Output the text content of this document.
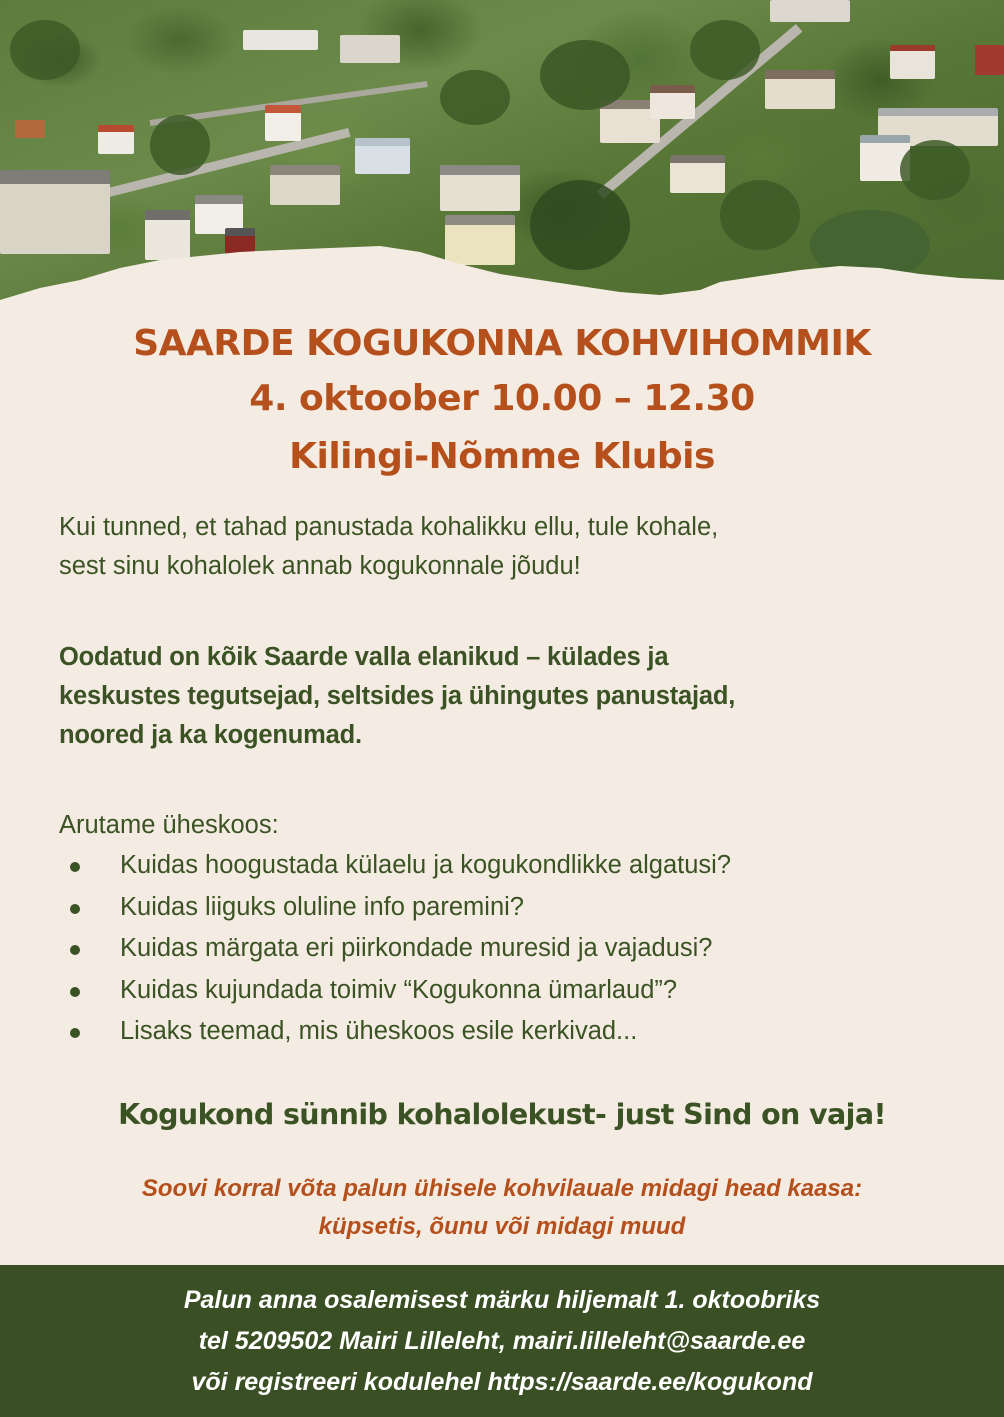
SAARDE KOGUKONNA KOHVIHOMMIK
4. oktoober 10.00 – 12.30
Kilingi-Nõmme Klubis
Kui tunned, et tahad panustada kohalikku ellu, tule kohale,
sest sinu kohalolek annab kogukonnale jõudu!
Oodatud on kõik Saarde valla elanikud – külades ja
keskustes tegutsejad, seltsides ja ühingutes panustajad,
noored ja ka kogenumad.
Arutame üheskoos:
Kuidas hoogustada külaelu ja kogukondlikke algatusi?
Kuidas liiguks oluline info paremini?
Kuidas märgata eri piirkondade muresid ja vajadusi?
Kuidas kujundada toimiv “Kogukonna ümarlaud”?
Lisaks teemad, mis üheskoos esile kerkivad...
Kogukond sünnib kohalolekust- just Sind on vaja!
Soovi korral võta palun ühisele kohvilauale midagi head kaasa:
küpsetis, õunu või midagi muud
Palun anna osalemisest märku hiljemalt 1. oktoobriks
tel 5209502 Mairi Lilleleht, mairi.lilleleht@saarde.ee
või registreeri kodulehel https://saarde.ee/kogukond
